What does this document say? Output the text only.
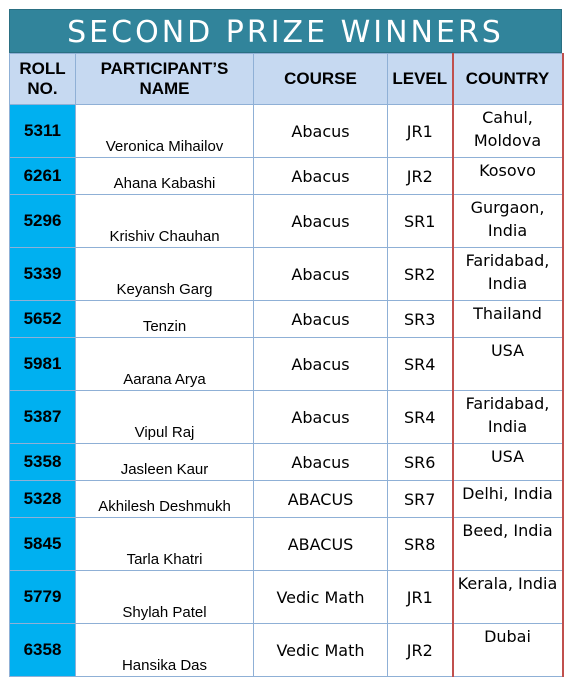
SECOND PRIZE WINNERS
ROLL NO.	PARTICIPANT’S NAME	COURSE	LEVEL	COUNTRY
5311	Veronica Mihailov	Abacus	JR1	Cahul, Moldova
6261	Ahana Kabashi	Abacus	JR2	Kosovo
5296	Krishiv Chauhan	Abacus	SR1	Gurgaon, India
5339	Keyansh Garg	Abacus	SR2	Faridabad, India
5652	Tenzin	Abacus	SR3	Thailand
5981	Aarana Arya	Abacus	SR4	USA
5387	Vipul Raj	Abacus	SR4	Faridabad, India
5358	Jasleen Kaur	Abacus	SR6	USA
5328	Akhilesh Deshmukh	ABACUS	SR7	Delhi, India
5845	Tarla Khatri	ABACUS	SR8	Beed, India
5779	Shylah Patel	Vedic Math	JR1	Kerala, India
6358	Hansika Das	Vedic Math	JR2	Dubai
